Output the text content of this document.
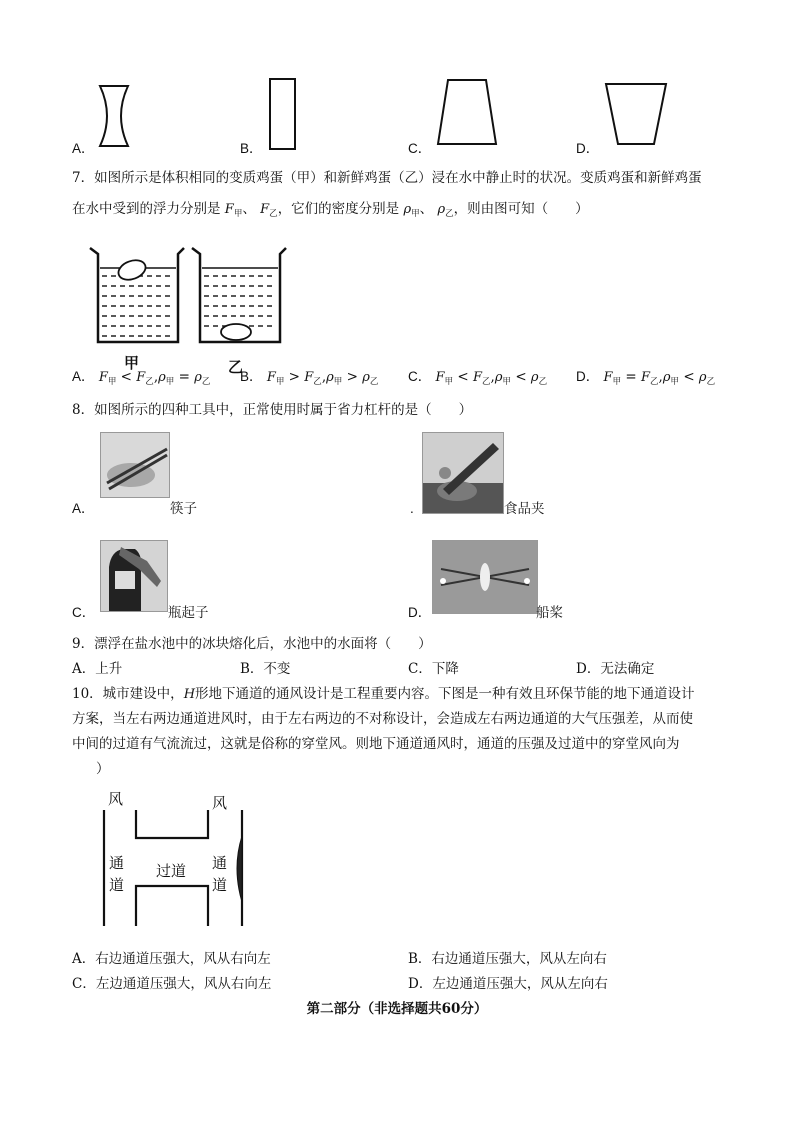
A．	B．	C．	D．
7．如图所示是体积相同的变质鸡蛋（甲）和新鲜鸡蛋（乙）浸在水中静止时的状况。变质鸡蛋和新鲜鸡蛋
在水中受到的浮力分别是 $F_甲$、 $F_乙$，它们的密度分别是 $\rho_甲$、 $\rho_乙$，则由图可知（　　）
甲	乙
A． $F_甲 < F_乙,\rho_甲 = \rho_乙$ B． $F_甲 > F_乙,\rho_甲 > \rho_乙$ C． $F_甲 < F_乙,\rho_甲 < \rho_乙$ D． $F_甲 = F_乙,\rho_甲 < \rho_乙$
8．如图所示的四种工具中，正常使用时属于省力杠杆的是（　　）
A．	筷子	.	食品夹
C．	瓶起子	D．	船桨
9．漂浮在盐水池中的冰块熔化后，水池中的水面将（　　）
A．上升	B．不变	C．下降	D．无法确定
10．城市建设中，H形地下通道的通风设计是工程重要内容。下图是一种有效且环保节能的地下通道设计
方案，当左右两边通道进风时，由于左右两边的不对称设计，会造成左右两边通道的大气压强差，从而使
中间的过道有气流流过，这就是俗称的穿堂风。则地下通道通风时，通道的压强及过道中的穿堂风向为
）
风	风
通
道
过道 通
道
A．右边通道压强大，风从右向左	B．右边通道压强大，风从左向右
C．左边通道压强大，风从右向左	D．左边通道压强大，风从左向右
第二部分（非选择题共60分）
